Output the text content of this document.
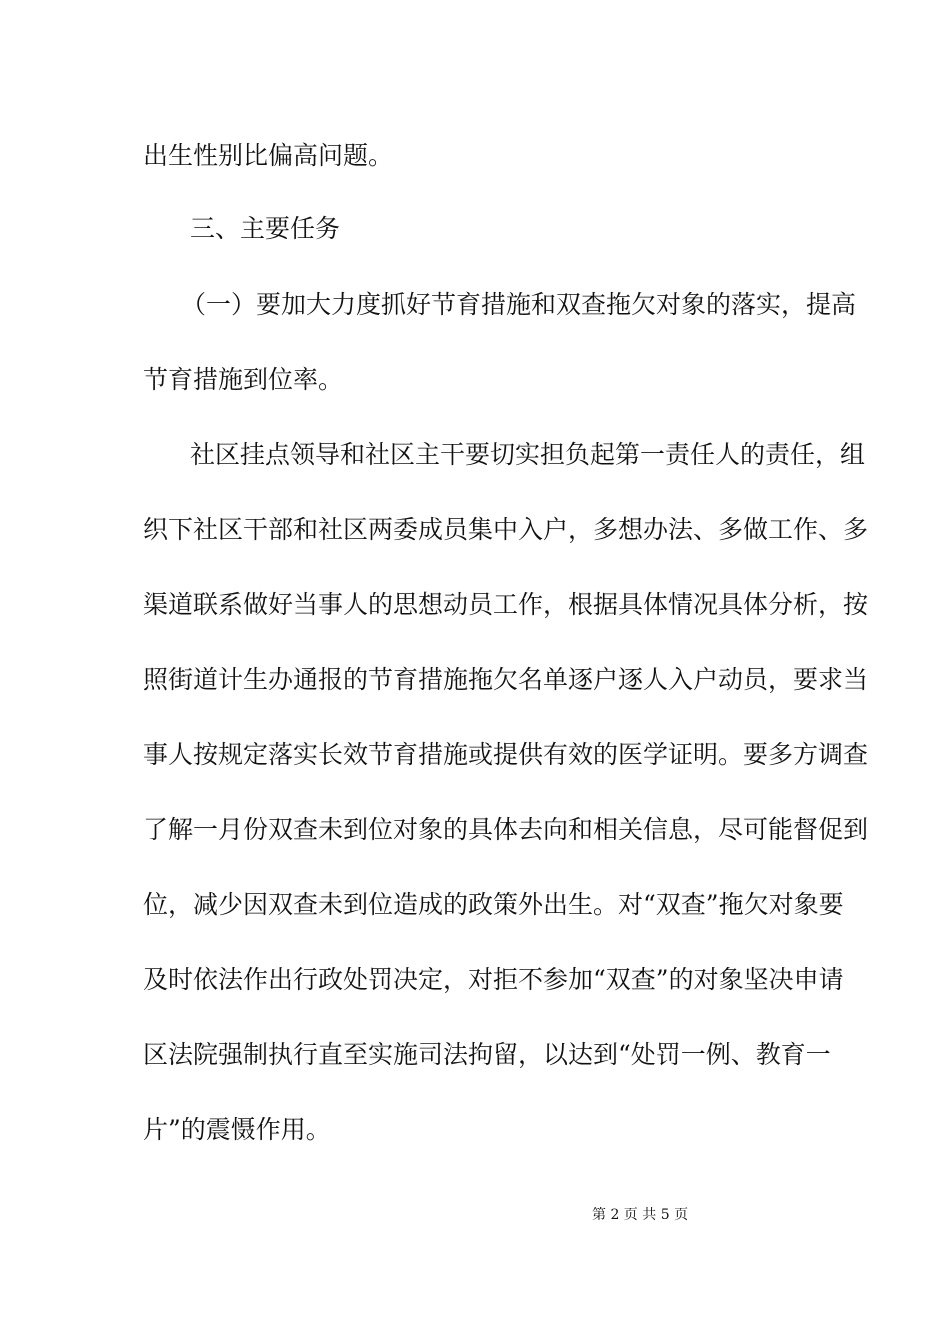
出生性别比偏高问题。
三、主要任务
（一）要加大力度抓好节育措施和双查拖欠对象的落实，提高
节育措施到位率。
社区挂点领导和社区主干要切实担负起第一责任人的责任，组
织下社区干部和社区两委成员集中入户，多想办法、多做工作、多
渠道联系做好当事人的思想动员工作，根据具体情况具体分析，按
照街道计生办通报的节育措施拖欠名单逐户逐人入户动员，要求当
事人按规定落实长效节育措施或提供有效的医学证明。要多方调查
了解一月份双查未到位对象的具体去向和相关信息，尽可能督促到
位，减少因双查未到位造成的政策外出生。对“双查”拖欠对象要
及时依法作出行政处罚决定，对拒不参加“双查”的对象坚决申请
区法院强制执行直至实施司法拘留，以达到“处罚一例、教育一
片”的震慑作用。
第 2 页 共 5 页
